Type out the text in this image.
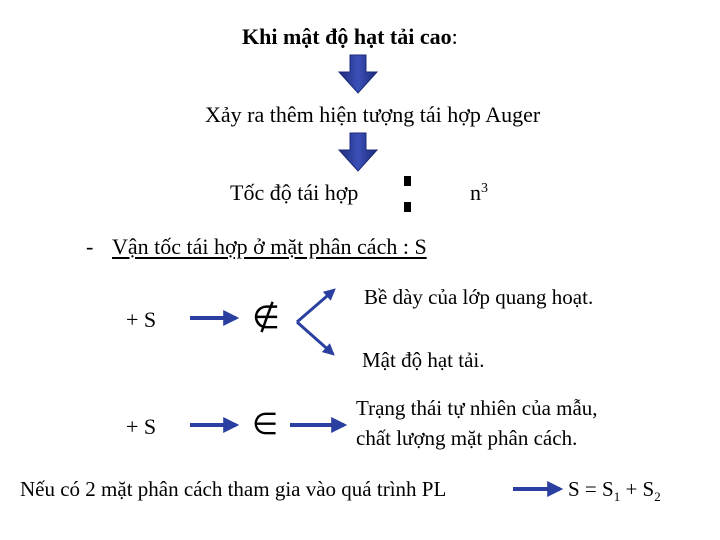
Khi mật độ hạt tải cao:
Xảy ra thêm hiện tượng tái hợp Auger
Tốc độ tái hợp	$n^3$
- Vận tốc tái hợp ở mặt phân cách : S
+ S	∉
Bề dày của lớp quang hoạt.
Mật độ hạt tải.
+ S	∈	Trạng thái tự nhiên của mẫu,
chất lượng mặt phân cách.
Nếu có 2 mặt phân cách tham gia vào quá trình PL	$S = S_1 + S_2$
